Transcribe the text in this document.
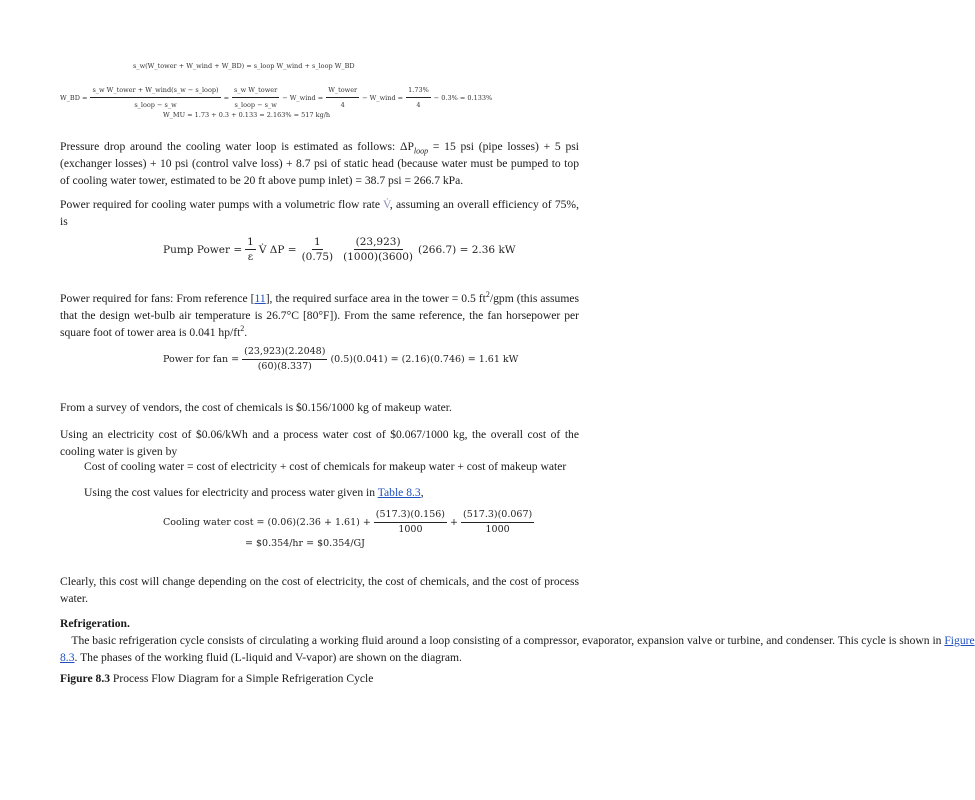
s_w(W_tower + W_wind + W_BD) = s_loop W_wind + s_loop W_BD
W_BD = $\frac{\text{s\_w W\_tower + W\_wind(s\_w − s\_loop)}}{\text{s\_loop − s\_w}} = \frac{\text{s\_w W\_tower}}{\text{s\_loop − s\_w}}$ − W_wind = $\frac{\text{W\_tower}}{4}$ − W_wind = $\frac{1.73\%}{4} - 0.3\% = 0.133\%$
W_MU = 1.73 + 0.3 + 0.133 = 2.163% = 517 kg/h
Pressure drop around the cooling water loop is estimated as follows: $\Delta P_{loop} = 15$ psi (pipe losses) + 5 psi (exchanger losses) + 10 psi (control valve loss) + 8.7 psi of static head (because water must be pumped to top of cooling water tower, estimated to be 20 ft above pump inlet) = 38.7 psi = 266.7 kPa.
Power required for cooling water pumps with a volumetric flow rate V̇, assuming an overall efficiency of 75%, is
Pump Power = $\frac{1}{\varepsilon}$ V̇ $\Delta P = \frac{1}{(0.75)} \frac{(23,923)}{(1000)(3600)} (266.7) = 2.36$ kW
Power required for fans: From reference [11], the required surface area in the tower = 0.5 $ft^2$/gpm (this assumes that the design wet-bulb air temperature is 26.7°C [80°F]). From the same reference, the fan horsepower per square foot of tower area is 0.041 $hp/ft^2$.
Power for fan = $\frac{(23,923)(2.2048)}{(60)(8.337)} (0.5)(0.041) = (2.16)(0.746) = 1.61$ kW
From a survey of vendors, the cost of chemicals is $0.156/1000 kg of makeup water.
Using an electricity cost of $0.06/kWh and a process water cost of $0.067/1000 kg, the overall cost of the cooling water is given by
Cost of cooling water = cost of electricity + cost of chemicals for makeup water + cost of makeup water
Using the cost values for electricity and process water given in Table 8.3,
Cooling water $\cos t = (0.06)(2.36 + 1.61) + \frac{(517.3)(0.156)}{1000} + \frac{(517.3)(0.067)}{1000}$
= $0.354/hr = $0.354/GJ
Clearly, this cost will change depending on the cost of electricity, the cost of chemicals, and the cost of process water.
Refrigeration.    The basic refrigeration cycle consists of circulating a working fluid around a loop consisting of a compressor, evaporator, expansion valve or turbine, and condenser. This cycle is shown in Figure 8.3. The phases of the working fluid (L-liquid and V-vapor) are shown on the diagram.
Figure 8.3 Process Flow Diagram for a Simple Refrigeration Cycle
